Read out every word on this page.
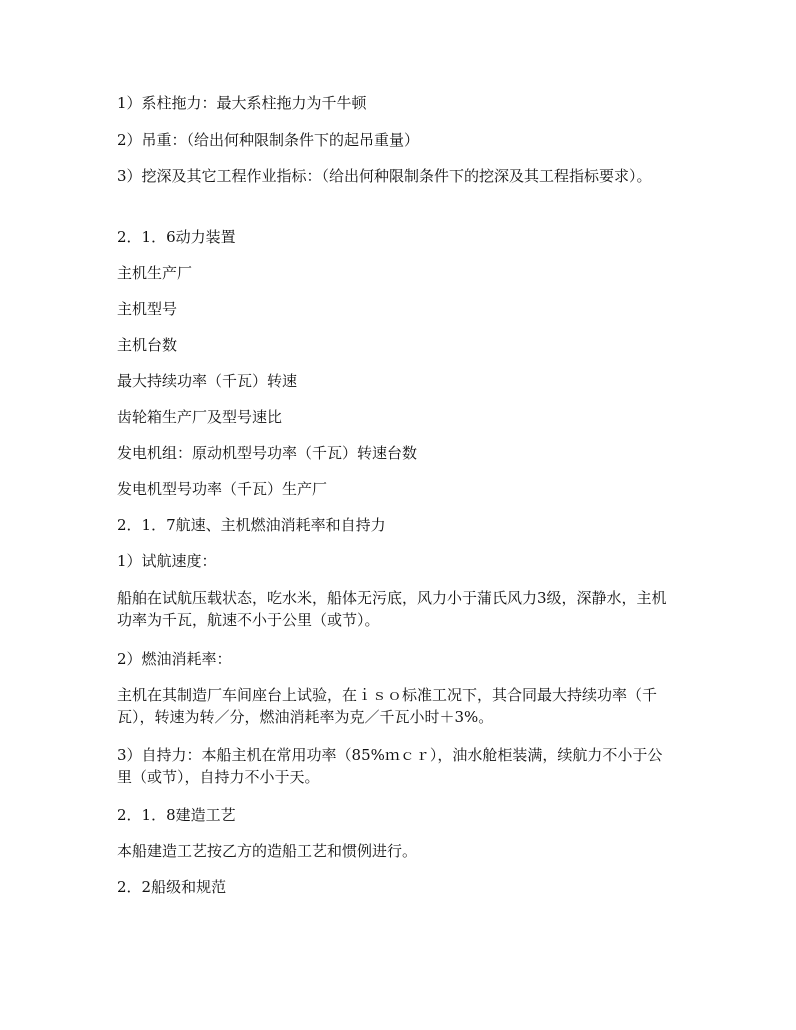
1）系柱拖力：最大系柱拖力为千牛顿

2）吊重：（给出何种限制条件下的起吊重量）

3）挖深及其它工程作业指标：（给出何种限制条件下的挖深及其工程指标要求）。

2．1．6动力装置

主机生产厂

主机型号

主机台数

最大持续功率（千瓦）转速

齿轮箱生产厂及型号速比

发电机组：原动机型号功率（千瓦）转速台数

发电机型号功率（千瓦）生产厂

2．1．7航速、主机燃油消耗率和自持力

1）试航速度：

船舶在试航压载状态，吃水米，船体无污底，风力小于蒲氏风力3级，深静水，主机功率为千瓦，航速不小于公里（或节）。

2）燃油消耗率：

主机在其制造厂车间座台上试验，在ｉｓｏ标准工况下，其合同最大持续功率（千瓦），转速为转／分，燃油消耗率为克／千瓦小时＋3%。

3）自持力：本船主机在常用功率（85%ｍｃｒ），油水舱柜装满，续航力不小于公里（或节），自持力不小于天。

2．1．8建造工艺

本船建造工艺按乙方的造船工艺和惯例进行。

2．2船级和规范
